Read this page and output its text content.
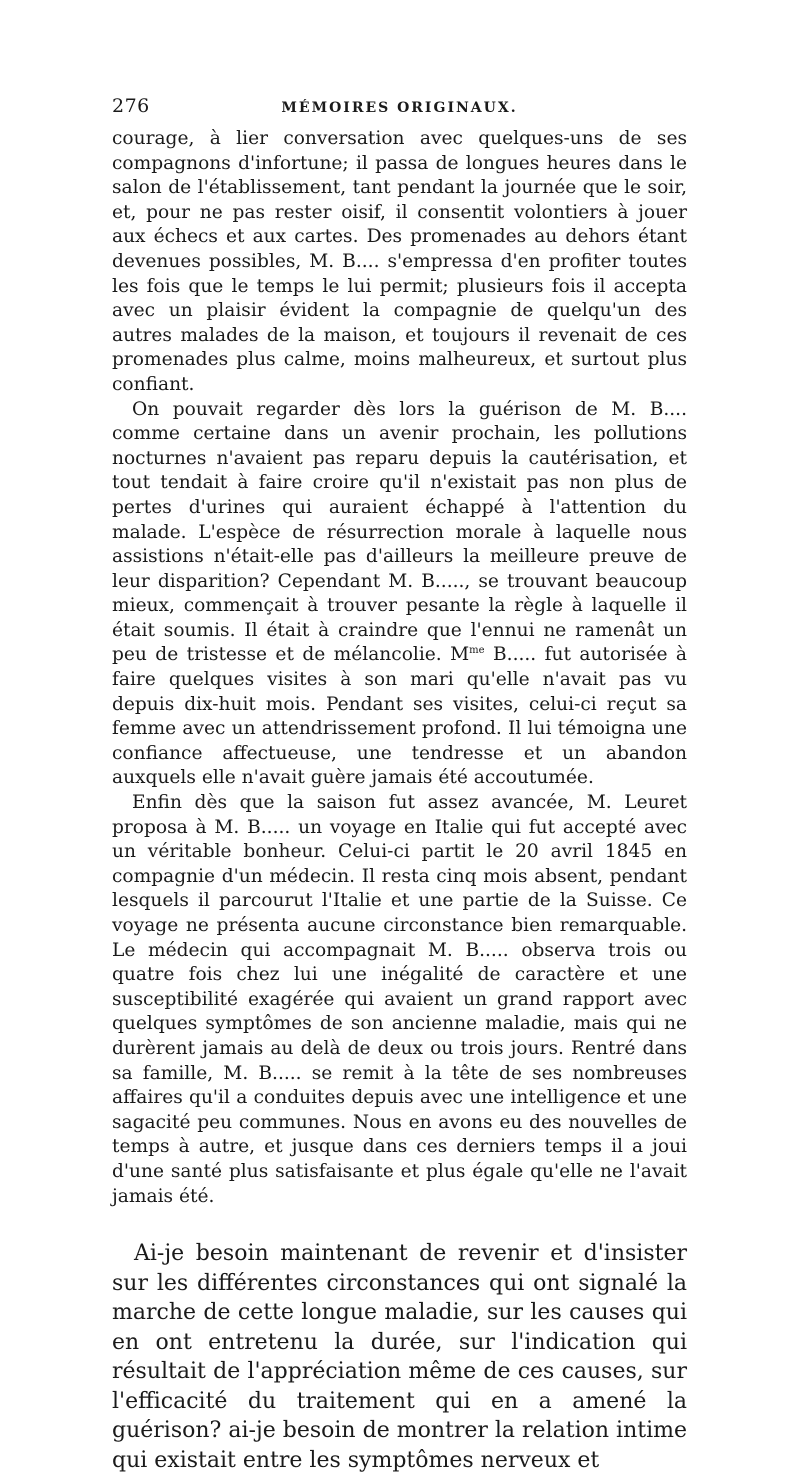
276	MÉMOIRES ORIGINAUX.

courage, à lier conversation avec quelques-uns de ses compagnons d'infortune; il passa de longues heures dans le salon de l'établissement, tant pendant la journée que le soir, et, pour ne pas rester oisif, il consentit volontiers à jouer aux échecs et aux cartes. Des promenades au dehors étant devenues possibles, M. B.... s'empressa d'en profiter toutes les fois que le temps le lui permit; plusieurs fois il accepta avec un plaisir évident la compagnie de quelqu'un des autres malades de la maison, et toujours il revenait de ces promenades plus calme, moins malheureux, et surtout plus confiant.

On pouvait regarder dès lors la guérison de M. B.... comme certaine dans un avenir prochain, les pollutions nocturnes n'avaient pas reparu depuis la cautérisation, et tout tendait à faire croire qu'il n'existait pas non plus de pertes d'urines qui auraient échappé à l'attention du malade. L'espèce de résurrection morale à laquelle nous assistions n'était-elle pas d'ailleurs la meilleure preuve de leur disparition? Cependant M. B....., se trouvant beaucoup mieux, commençait à trouver pesante la règle à laquelle il était soumis. Il était à craindre que l'ennui ne ramenât un peu de tristesse et de mélancolie. $M^{me}$ B..... fut autorisée à faire quelques visites à son mari qu'elle n'avait pas vu depuis dix-huit mois. Pendant ses visites, celui-ci reçut sa femme avec un attendrissement profond. Il lui témoigna une confiance affectueuse, une tendresse et un abandon auxquels elle n'avait guère jamais été accoutumée.

Enfin dès que la saison fut assez avancée, M. Leuret proposa à M. B..... un voyage en Italie qui fut accepté avec un véritable bonheur. Celui-ci partit le 20 avril 1845 en compagnie d'un médecin. Il resta cinq mois absent, pendant lesquels il parcourut l'Italie et une partie de la Suisse. Ce voyage ne présenta aucune circonstance bien remarquable. Le médecin qui accompagnait M. B..... observa trois ou quatre fois chez lui une inégalité de caractère et une susceptibilité exagérée qui avaient un grand rapport avec quelques symptômes de son ancienne maladie, mais qui ne durèrent jamais au delà de deux ou trois jours. Rentré dans sa famille, M. B..... se remit à la tête de ses nombreuses affaires qu'il a conduites depuis avec une intelligence et une sagacité peu communes. Nous en avons eu des nouvelles de temps à autre, et jusque dans ces derniers temps il a joui d'une santé plus satisfaisante et plus égale qu'elle ne l'avait jamais été.

Ai-je besoin maintenant de revenir et d'insister sur les différentes circonstances qui ont signalé la marche de cette longue maladie, sur les causes qui en ont entretenu la durée, sur l'indication qui résultait de l'appréciation même de ces causes, sur l'efficacité du traitement qui en a amené la guérison? ai-je besoin de montrer la relation intime qui existait entre les symptômes nerveux et
